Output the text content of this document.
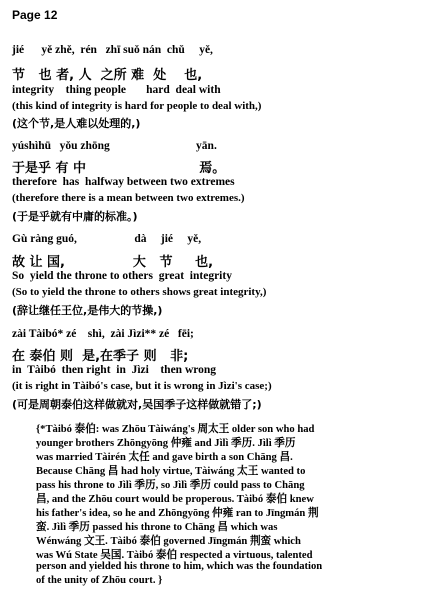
Page 12
jié      yě zhě,  rén   zhī suǒ nán  chǔ     yě,
节   也 者, 人  之所 难  处    也,
integrity    thing people       hard  deal with
(this kind of integrity is hard for people to deal with,)
(这个节,是人难以处理的,)
yúshìhū   yǒu zhōng                              yān.
于是乎 有 中                         焉。
therefore  has  halfway between two extremes
(therefore there is a mean between two extremes.)
(于是乎就有中庸的标准。)
Gù ràng guó,                    dà     jié     yě,
故 让 国,               大   节     也,
So  yield the throne to others  great  integrity
(So to yield the throne to others shows great integrity,)
(辞让继任王位,是伟大的节操,)
zài Tàibó* zé    shì,  zài Jìzi** zé   fēi;
在 泰伯 则  是,在季子 则   非;
in  Tàibó  then right  in  Jìzi    then wrong
(it is right in Tàibó's case, but it is wrong in Jìzi's case;)
(可是周朝泰伯这样做就对,吴国季子这样做就错了;)
{*Tàibó 泰伯: was Zhōu Tàiwáng's 周太王 older son who had
younger brothers Zhōngyōng 仲雍 and Jìlì 季历. Jìlì 季历
was married Tàirén 太任 and gave birth a son Chāng 昌.
Because Chāng 昌 had holy virtue, Tàiwáng 太王 wanted to
pass his throne to Jìlì 季历, so Jìlì 季历 could pass to Chāng
昌, and the Zhōu court would be properous. Tàibó 泰伯 knew
his father's idea, so he and Zhōngyōng 仲雍 ran to Jīngmán 荆
蛮. Jìlì 季历 passed his throne to Chāng 昌 which was
Wénwáng 文王. Tàibó 泰伯 governed Jīngmán 荆蛮 which
was Wú State 吴国. Tàibó 泰伯 respected a virtuous, talented
person and yielded his throne to him, which was the foundation
of the unity of Zhōu court. }
